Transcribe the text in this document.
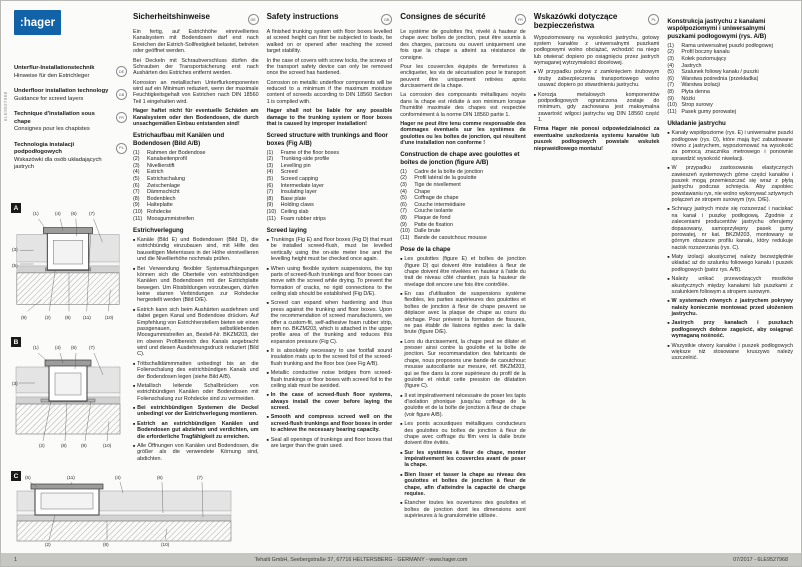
:hager
6LE9527968
Unterflur-Installationstechnik
Hinweise für den Estrichleger
DE
Underfloor installation technology
Guidance for screed layers
GB
Technique d'installation sous chape
Consignes pour les chapistes
FR
Technologia instalacji podpodłogowych
Wskazówki dla osób układających jastrych
PL
A
(1)	(4) (6)	(7)
(3)
(5)
(9)	(2)	(8)	(11)	(10)
B
(1)	(4) (6)	(7)
(3)
(2)	(8)	(9)	(10)
C	(5)	(11)	(4)	(6)	(7)
(2)	(8)	(10)
Sicherheitshinweise	DE
Ein fertig, auf Estrichhöhe einnivelliertes Kanalsystem mit Bodendosen darf erst nach Erreichen der Estrich-Sollfestigkeit belastet, betreten oder geöffnet werden.
Bei Deckeln mit Schraubverschluss dürfen die Schrauben der Transportsicherung erst nach Aushärten des Estriches entfernt werden.
Korrosion an metallischen Unterflurkomponenten wird auf ein Minimum reduziert, wenn der maximale Feuchtigkeitsgehalt von Estrichen nach DIN 18560 Teil 1 eingehalten wird.
Hager haftet nicht für eventuelle Schäden am Kanalsystem oder den Bodendosen, die durch unsachgemäßen Einbau entstanden sind!
Estrichaufbau mit Kanälen und Bodendosen (Bild A/B)
(1)	Rahmen der Bodendose
(2)	Kanalseitenprofil
(3)	Nivellierstift
(4)	Estrich
(5)	Estrichschalung
(6)	Zwischenlage
(7)	Dämmschicht
(8)	Bodenblech
(9)	Halteplatte
(10) Rohdecke
(11) Moosgummistreifen
Estrichverlegung
■ Kanäle (Bild E) und Bodendosen (Bild D), die estrichbündig einzubauen sind, mit Hilfe des bauseitigen Meterrisses in der Höhe einnivellieren und die Nivellierhöhe nochmals prüfen.
■ Bei Verwendung flexibler Systemaufhängungen können sich die Oberteile von estrichbündigen Kanälen und Bodendosen mit der Estrichplatte bewegen. Um Rissbildungen vorzubeugen, dürfen keine starren Verbindungen zur Rohdecke hergestellt werden (Bild D/E).
■ Estrich kann sich beim Aushärten ausdehnen und dabei gegen Kanal und Bodendose drücken. Auf Empfehlung von Estrichherstellern bieten wir einen passgenauen, selbstklebenden Moosgummistreifen an, Bestell-Nr. BKZM203, der im oberen Profilbereich des Kanals angebracht wird und diesen Ausdehnungsdruck reduziert (Bild C).
■ Trittschalldämmmatten unbedingt bis an die Folienschalung des estrichbündigen Kanals und der Bodendosen legen (siehe Bild A/B).
■ Metallisch leitende Schallbrücken von estrichbündigen Kanälen oder Bodendosen mit Folienschalung zur Rohdecke sind zu vermeiden.
■ Bei estrichbündigen Systemen die Deckel unbedingt vor der Estrichverlegung montieren.
■ Estrich an estrichbündigen Kanälen und Bodendosen gut abziehen und verdichten, um die erforderliche Tragfähigkeit zu erreichen.
■ Alle Öffnungen von Kanälen und Bodendosen, die größer als die verwendete Körnung sind, abdichten.
Safety instructions	GB
A finished trunking system with floor boxes levelled at screed height can first be subjected to loads, be walked on or opened after reaching the screed target stability.
In the case of covers with screw locks, the screws of the transport safety device can only be removed once the screed has hardened.
Corrosion on metallic underfloor components will be reduced to a minimum if the maximum moisture content of screeds according to DIN 18560 Section 1 is complied with.
Hager shall not be liable for any possible damage to the trunking system or floor boxes that is caused by improper installation!
Screed structure with trunkings and floor boxes (Fig A/B)
(1)	Frame of the floor boxes
(2)	Trunking-side profile
(3)	Levelling pin
(4)	Screed
(5)	Screed capping
(6)	Intermediate layer
(7)	Insulating layer
(8)	Base plate
(9)	Holding claws
(10) Ceiling slab
(11) Foam rubber strips
Screed laying
■ Trunkings (Fig E) and floor boxes (Fig D) that must be installed screed-flush, must be levelled vertically using the on-site meter line and the levelling height must be checked once again.
■ When using flexible system suspensions, the top parts of screed-flush trunkings and floor boxes can move with the screed while drying. To prevent the formation of cracks, no rigid connections to the ceiling slab should be established (Fig D/E).
■ Screed can expand when hardening and thus press against the trunking and floor boxes. Upon the recommendation of screed manufacturers, we offer a custom-fit, self-adhesive foam rubber strip, item no. BKZM203, which is attached in the upper profile area of the trunking and reduces this expansion pressure (Fig C).
■ It is absolutely necessary to use footfall sound insulation mats up to the screed foil of the screed-flush trunking and the floor box (see Fig A/B).
■ Metallic conductive noise bridges from screed-flush trunkings or floor boxes with screed foil to the ceiling slab must be avoided.
■ In the case of screed-flush floor systems, always install the cover before laying the screed.
■ Smooth and compress screed well on the screed-flush trunkings and floor boxes in order to achieve the necessary bearing capacity.
■ Seal all openings of trunkings and floor boxes that are larger than the grain used.
Consignes de sécurité	FR
Le système de goulottes fini, nivelé à hauteur de chape avec boîtes de jonction, peut être soumis à des charges, parcouru ou ouvert uniquement une fois que la chape a atteint sa résistance de consigne.
Pour les couvercles équipés de fermetures à encliqueter, les vis de sécurisation pour le transport peuvent être uniquement retirées après durcissement de la chape.
La corrosion des composants métalliques noyés dans la chape est réduite à son minimum lorsque l'humidité maximale des chapes est respectée conformément à la norme DIN 18560 partie 1.
Hager ne peut être tenu comme responsable des dommages éventuels sur les systèmes de goulottes ou les boîtes de jonction, qui résultent d'une installation non conforme !
Construction de chape avec goulottes et boîtes de jonction (figure A/B)
(1)	Cadre de la boîte de jonction
(2)	Profil latéral de la goulotte
(3)	Tige de nivellement
(4)	Chape
(5)	Coffrage de chape
(6)	Couche intermédiaire
(7)	Couche isolante
(8)	Plaque de fond
(9)	Patte de fixation
(10) Dalle brute
(11) Bande de caoutchouc mousse
Pose de la chape
■ Les goulottes (figure E) et boîtes de jonction (figure D) qui doivent être installées à fleur de chape doivent être nivelées en hauteur à l'aide du trait de niveau côté chantier, puis la hauteur de nivelage doit encore une fois être contrôlée.
■ En cas d'utilisation de suspensions système flexibles, les parties supérieures des goulottes et boîtes de jonction à fleur de chape peuvent se déplacer avec la plaque de chape au cours du séchage. Pour prévenir la formation de fissures, ne pas établir de liaisons rigides avec la dalle brute (figure D/E).
■ Lors du durcissement, la chape peut se dilater et presser ainsi contre la goulotte et la boîte de jonction. Sur recommandation des fabricants de chape, nous proposons une bande de caoutchouc mousse autocollante sur mesure, réf. BKZM203, qui se fixe dans la zone supérieure du profil de la goulotte et réduit cette pression de dilatation (figure C).
■ Il est impérativement nécessaire de poser les tapis d'isolation phonique jusqu'au coffrage de la goulotte et de la boîte de jonction à fleur de chape (voir figure A/B).
■ Les ponts acoustiques métalliques conducteurs des goulottes ou boîtes de jonction à fleur de chape avec coffrage du film vers la dalle brute doivent être évités.
■ Sur les systèmes à fleur de chape, monter impérativement les couvercles avant de poser la chape.
■ Bien lisser et tasser la chape au niveau des goulottes et boîtes de jonction à fleur de chape, afin d'atteindre la capacité de charge requise.
■ Étancher toutes les ouvertures des goulottes et boîtes de jonction dont les dimensions sont supérieures à la granulométrie utilisée.
Wskazówki dotyczące bezpieczeństwa
PL
Wypoziomowany na wysokości jastrychu, gotowy system kanałów z uniwersalnymi puszkami podłogowymi wolno obciążać, wchodzić na niego lub otwierać dopiero po osiągnięciu przez jastrych wymaganej wytrzymałości docelowej.
■ W przypadku pokryw z zamknięciem śrubowym śruby zabezpieczenia transportowego wolno usuwać dopiero po stwardnieniu jastrychu.
■ Korozja metalowych komponentów podpodłogowych ograniczona zostaje do minimum, gdy zachowana jest maksymalna zawartość wilgoci jastrychu wg DIN 18560 część 1.
Firma Hager nie ponosi odpowiedzialności za ewentualne uszkodzenia systemu kanałów lub puszek podłogowych powstałe wskutek nieprawidłowego montażu!
Konstrukcja jastrychu z kanałami współpoziomymi i uniwersalnymi puszkami podłogowymi (rys. A/B)
(1)	Rama uniwersalnej puszki podłogowej
(2)	Profil boczny kanału
(3)	Kołek poziomujący
(4)	Jastrych
(5)	Szalunek foliowy kanału / puszki
(6)	Warstwa pośrednia (przekładka)
(7)	Warstwa izolacji
(8)	Płyta denna
(9)	Nóżki
(10) Strop surowy
(11) Pasek gumy porowatej
Układanie jastrychu
■ Kanały współpoziome (rys. E) i uniwersalne puszki podłogowe (rys. D), które mają być zabudowane równo z jastrychem, wypoziomować na wysokość za pomocą znacznika metrowego i ponownie sprawdzić wysokość niwelacji.
■ W przypadku zastosowania elastycznych zawieszeń systemowych górne części kanałów i puszek mogą przemieszczać się wraz z płytą jastrychu podczas schnięcia. Aby zapobiec powstawaniu rys, nie wolno wykonywać sztywnych połączeń ze stropem surowym (rys. D/E).
■ Schnący jastrych może się rozszerzać i naciskać na kanał i puszkę podłogową. Zgodnie z zaleceniami producentów jastrychu oferujemy dopasowany, samoprzylepny pasek gumy porowatej, nr kat. BKZM203, montowany w górnym obszarze profilu kanału, który redukuje nacisk rozszerzania (rys. C).
■ Maty izolacji akustycznej należy bezwzględnie układać aż do szalunku foliowego kanału i puszek podłogowych (patrz rys. A/B).
■ Należy unikać przewodzących mostków akustycznych między kanałami lub puszkami z szalunkiem foliowym a stropem surowym.
■ W systemach równych z jastrychem pokrywy należy koniecznie montować przed ułożeniem jastrychu.
■ Jastrych przy kanałach i puszkach podłogowych dobrze zagęścić, aby osiągnąć wymaganą nośność.
■ Wszystkie otwory kanałów i puszek podłogowych większe niż stosowane kruszywo należy uszczelnić.
1	Tehalit GmbH, Seebergstraße 37, 67716 HELTERSBERG - GERMANY - www.hager.com	07/2017 - 6LE9527968
